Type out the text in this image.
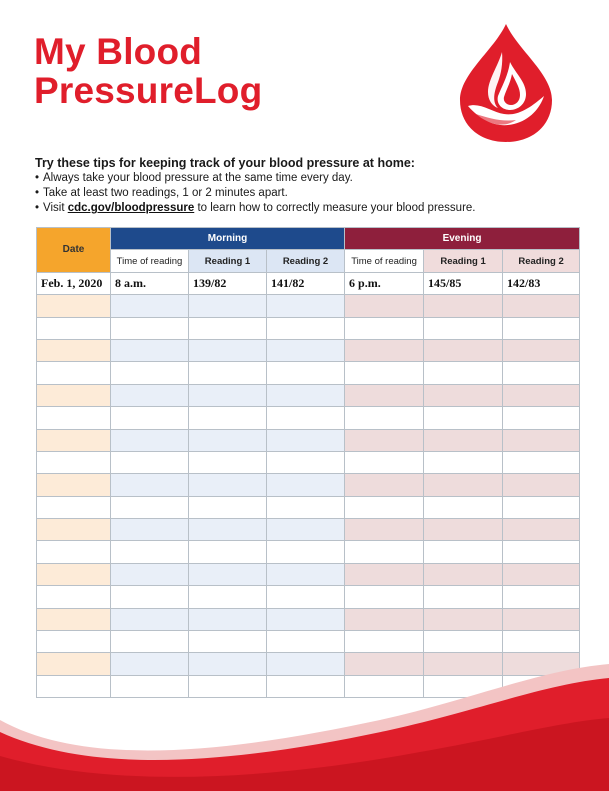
My Blood
PressureLog
Try these tips for keeping track of your blood pressure at home:
• Always take your blood pressure at the same time every day.
• Take at least two readings, 1 or 2 minutes apart.
• Visit cdc.gov/bloodpressure to learn how to correctly measure your blood pressure.
Date	Morning			Evening		
	Time of reading	Reading 1	Reading 2	Time of reading	Reading 1	Reading 2
Feb. 1, 2020	8 a.m.	139/82	141/82	6 p.m.	145/85	142/83
